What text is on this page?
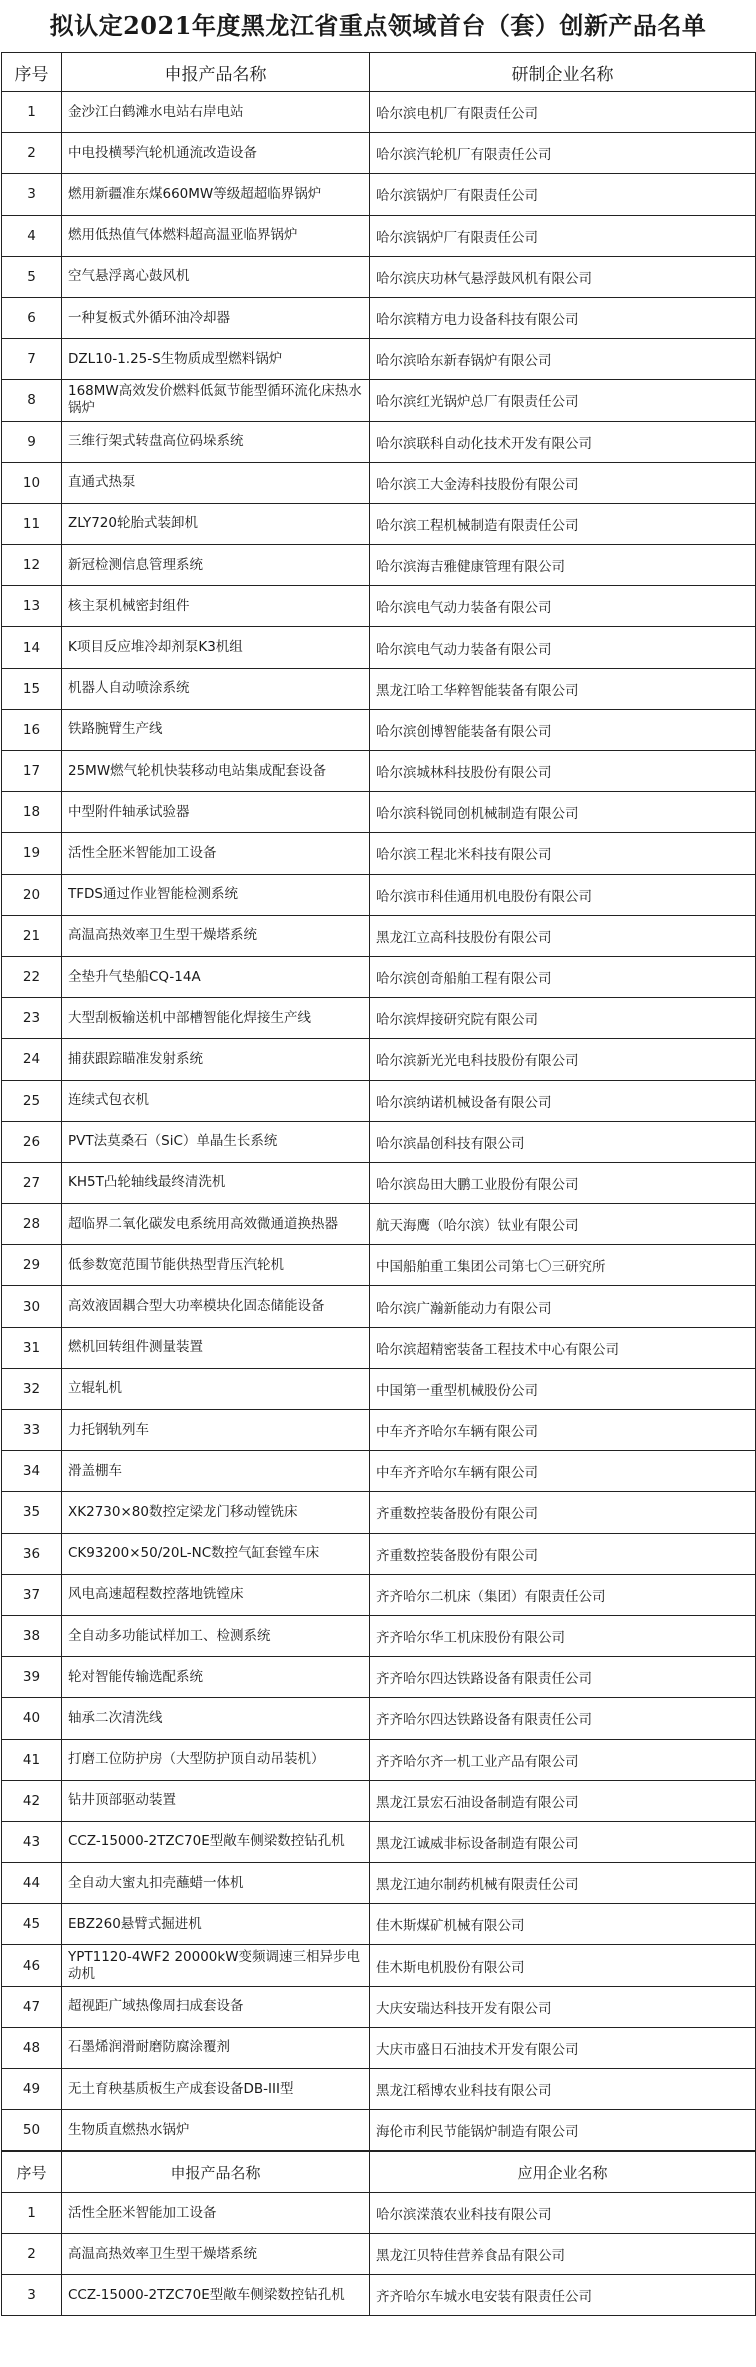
拟认定2021年度黑龙江省重点领域首台（套）创新产品名单
序号	申报产品名称	研制企业名称
1	金沙江白鹤滩水电站右岸电站	哈尔滨电机厂有限责任公司
2	中电投横琴汽轮机通流改造设备	哈尔滨汽轮机厂有限责任公司
3	燃用新疆准东煤660MW等级超超临界锅炉	哈尔滨锅炉厂有限责任公司
4	燃用低热值气体燃料超高温亚临界锅炉	哈尔滨锅炉厂有限责任公司
5	空气悬浮离心鼓风机	哈尔滨庆功林气悬浮鼓风机有限公司
6	一种复板式外循环油冷却器	哈尔滨精方电力设备科技有限公司
7	DZL10-1.25-S生物质成型燃料锅炉	哈尔滨哈东新春锅炉有限公司
8	168MW高效发价燃料低氮节能型循环流化床热水锅炉	哈尔滨红光锅炉总厂有限责任公司
9	三维行架式转盘高位码垛系统	哈尔滨联科自动化技术开发有限公司
10	直通式热泵	哈尔滨工大金涛科技股份有限公司
11	ZLY720轮胎式装卸机	哈尔滨工程机械制造有限责任公司
12	新冠检测信息管理系统	哈尔滨海吉雅健康管理有限公司
13	核主泵机械密封组件	哈尔滨电气动力装备有限公司
14	K项目反应堆冷却剂泵K3机组	哈尔滨电气动力装备有限公司
15	机器人自动喷涂系统	黑龙江哈工华粹智能装备有限公司
16	铁路腕臂生产线	哈尔滨创博智能装备有限公司
17	25MW燃气轮机快装移动电站集成配套设备	哈尔滨城林科技股份有限公司
18	中型附件轴承试验器	哈尔滨科锐同创机械制造有限公司
19	活性全胚米智能加工设备	哈尔滨工程北米科技有限公司
20	TFDS通过作业智能检测系统	哈尔滨市科佳通用机电股份有限公司
21	高温高热效率卫生型干燥塔系统	黑龙江立高科技股份有限公司
22	全垫升气垫船CQ-14A	哈尔滨创奇船舶工程有限公司
23	大型刮板输送机中部槽智能化焊接生产线	哈尔滨焊接研究院有限公司
24	捕获跟踪瞄准发射系统	哈尔滨新光光电科技股份有限公司
25	连续式包衣机	哈尔滨纳诺机械设备有限公司
26	PVT法莫桑石（SiC）单晶生长系统	哈尔滨晶创科技有限公司
27	KH5T凸轮轴线最终清洗机	哈尔滨岛田大鹏工业股份有限公司
28	超临界二氧化碳发电系统用高效微通道换热器	航天海鹰（哈尔滨）钛业有限公司
29	低参数宽范围节能供热型背压汽轮机	中国船舶重工集团公司第七〇三研究所
30	高效液固耦合型大功率模块化固态储能设备	哈尔滨广瀚新能动力有限公司
31	燃机回转组件测量装置	哈尔滨超精密装备工程技术中心有限公司
32	立辊轧机	中国第一重型机械股份公司
33	力托钢轨列车	中车齐齐哈尔车辆有限公司
34	滑盖棚车	中车齐齐哈尔车辆有限公司
35	XK2730×80数控定梁龙门移动镗铣床	齐重数控装备股份有限公司
36	CK93200×50/20L-NC数控气缸套镗车床	齐重数控装备股份有限公司
37	风电高速超程数控落地铣镗床	齐齐哈尔二机床（集团）有限责任公司
38	全自动多功能试样加工、检测系统	齐齐哈尔华工机床股份有限公司
39	轮对智能传输选配系统	齐齐哈尔四达铁路设备有限责任公司
40	轴承二次清洗线	齐齐哈尔四达铁路设备有限责任公司
41	打磨工位防护房（大型防护顶自动吊装机）	齐齐哈尔齐一机工业产品有限公司
42	钻井顶部驱动装置	黑龙江景宏石油设备制造有限公司
43	CCZ-15000-2TZC70E型敞车侧梁数控钻孔机	黑龙江诚威非标设备制造有限公司
44	全自动大蜜丸扣壳蘸蜡一体机	黑龙江迪尔制药机械有限责任公司
45	EBZ260悬臂式掘进机	佳木斯煤矿机械有限公司
46	YPT1120-4WF2 20000kW变频调速三相异步电动机	佳木斯电机股份有限公司
47	超视距广域热像周扫成套设备	大庆安瑞达科技开发有限公司
48	石墨烯润滑耐磨防腐涂覆剂	大庆市盛日石油技术开发有限公司
49	无土育秧基质板生产成套设备DB-III型	黑龙江稻博农业科技有限公司
50	生物质直燃热水锅炉	海伦市利民节能锅炉制造有限公司
序号	申报产品名称	应用企业名称
1	活性全胚米智能加工设备	哈尔滨溁蒗农业科技有限公司
2	高温高热效率卫生型干燥塔系统	黑龙江贝特佳营养食品有限公司
3	CCZ-15000-2TZC70E型敞车侧梁数控钻孔机	齐齐哈尔车城水电安装有限责任公司
